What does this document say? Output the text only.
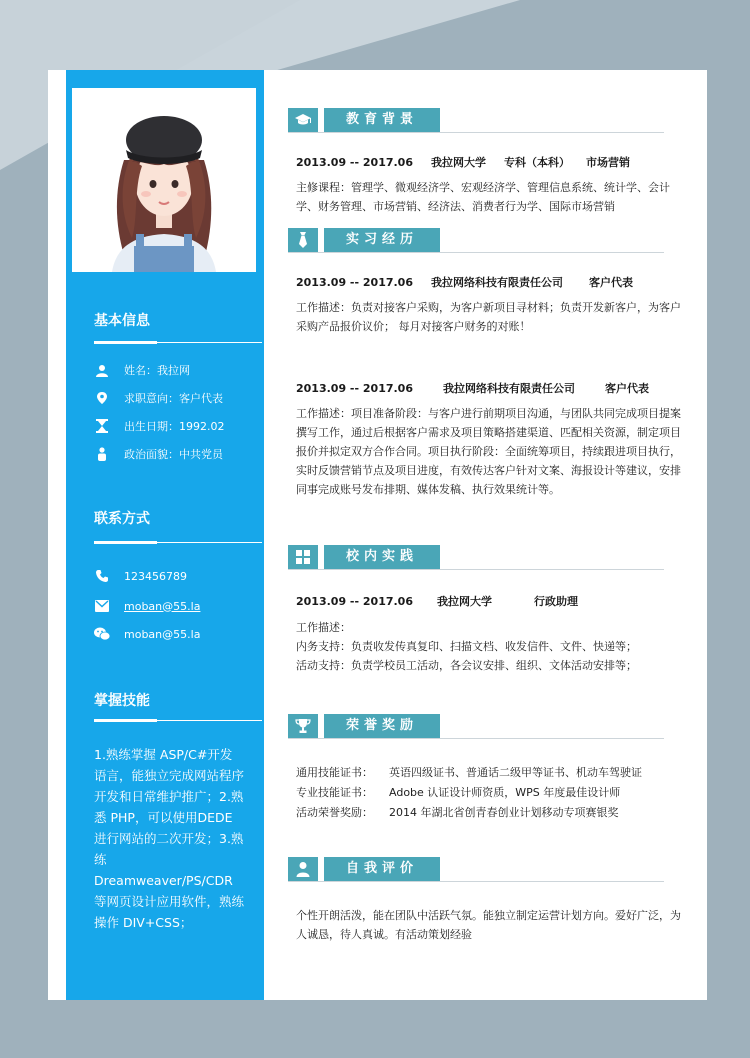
基本信息
姓名：我拉网
求职意向：客户代表
出生日期：1992.02
政治面貌：中共党员
联系方式
123456789
moban@55.la
moban@55.la
掌握技能
1.熟练掌握 ASP/C#开发语言，能独立完成网站程序开发和日常维护推广；2.熟悉 PHP，可以使用DEDE 进行网站的二次开发；3.熟练Dreamweaver/PS/CDR等网页设计应用软件，熟练操作 DIV+CSS；
教育背景
2013.09 -- 2017.06 我拉网大学 专科（本科） 市场营销
主修课程：管理学、微观经济学、宏观经济学、管理信息系统、统计学、会计学、财务管理、市场营销、经济法、消费者行为学、国际市场营销
实习经历
2013.09 -- 2017.06 我拉网络科技有限责任公司 客户代表
工作描述：负责对接客户采购，为客户新项目寻材料；负责开发新客户，为客户采购产品报价议价； 每月对接客户财务的对账！
2013.09 -- 2017.06	我拉网络科技有限责任公司	客户代表
工作描述：项目准备阶段：与客户进行前期项目沟通，与团队共同完成项目提案撰写工作，通过后根据客户需求及项目策略搭建渠道、匹配相关资源，制定项目报价并拟定双方合作合同。项目执行阶段：全面统筹项目，持续跟进项目执行，实时反馈营销节点及项目进度，有效传达客户针对文案、海报设计等建议，安排同事完成账号发布排期、媒体发稿、执行效果统计等。
校内实践
2013.09 -- 2017.06 我拉网大学	行政助理
工作描述：
内务支持：负责收发传真复印、扫描文档、收发信件、文件、快递等；
活动支持：负责学校员工活动，各会议安排、组织、文体活动安排等；
荣誉奖励
通用技能证书： 英语四级证书、普通话二级甲等证书、机动车驾驶证
专业技能证书： Adobe 认证设计师资质，WPS 年度最佳设计师
活动荣誉奖励： 2014 年湖北省创青春创业计划移动专项赛银奖
自我评价
个性开朗活泼，能在团队中活跃气氛。能独立制定运营计划方向。爱好广泛，为人诚恳，待人真诚。有活动策划经验
